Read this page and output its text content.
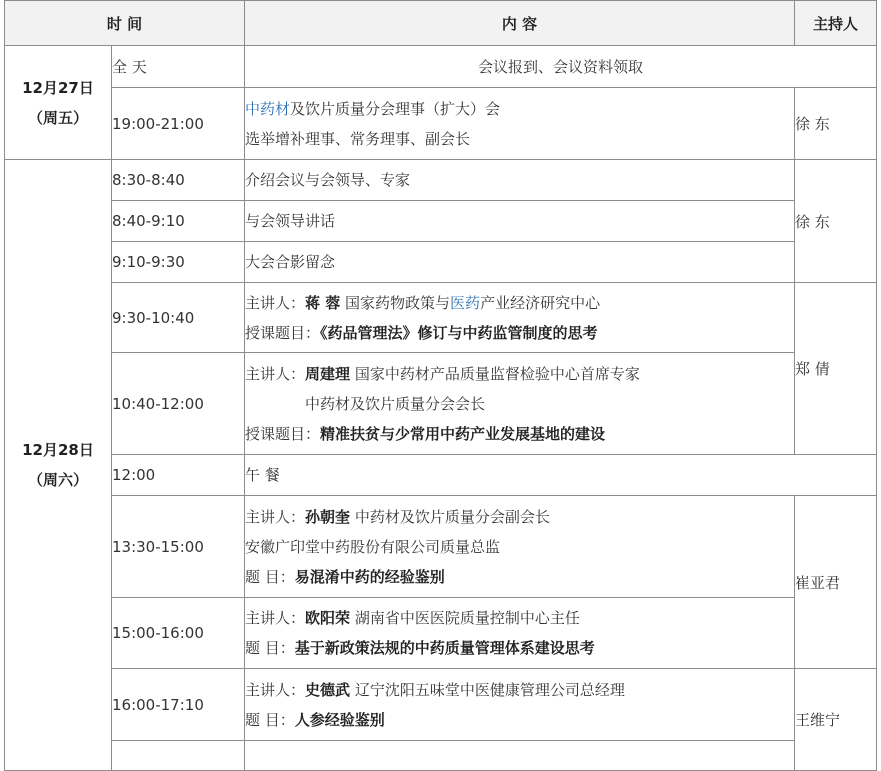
时 间		内 容	主持人

12月27日
（周五）	全 天	会议报到、会议资料领取	
	19:00-21:00	中药材及饮片质量分会理事（扩大）会
选举增补理事、常务理事、副会长	徐 东

12月28日
（周六）	8:30-8:40	介绍会议与会领导、专家	徐 东
	8:40-9:10	与会领导讲话	
	9:10-9:30	大会合影留念	
	9:30-10:40	主讲人：蒋 蓉 国家药物政策与医药产业经济研究中心
授课题目：《药品管理法》修订与中药监管制度的思考	郑 倩
	10:40-12:00	主讲人：周建理 国家中药材产品质量监督检验中心首席专家
中药材及饮片质量分会会长
授课题目：精准扶贫与少常用中药产业发展基地的建设	

	12:00	午 餐	
	13:30-15:00	主讲人：孙朝奎 中药材及饮片质量分会副会长
安徽广印堂中药股份有限公司质量总监
题 目：易混淆中药的经验鉴别	崔亚君
	15:00-16:00	主讲人：欧阳荣 湖南省中医医院质量控制中心主任
题 目：基于新政策法规的中药质量管理体系建设思考	

	16:00-17:10	主讲人：史德武 辽宁沈阳五味堂中医健康管理公司总经理
题 目：人参经验鉴别	王维宁
